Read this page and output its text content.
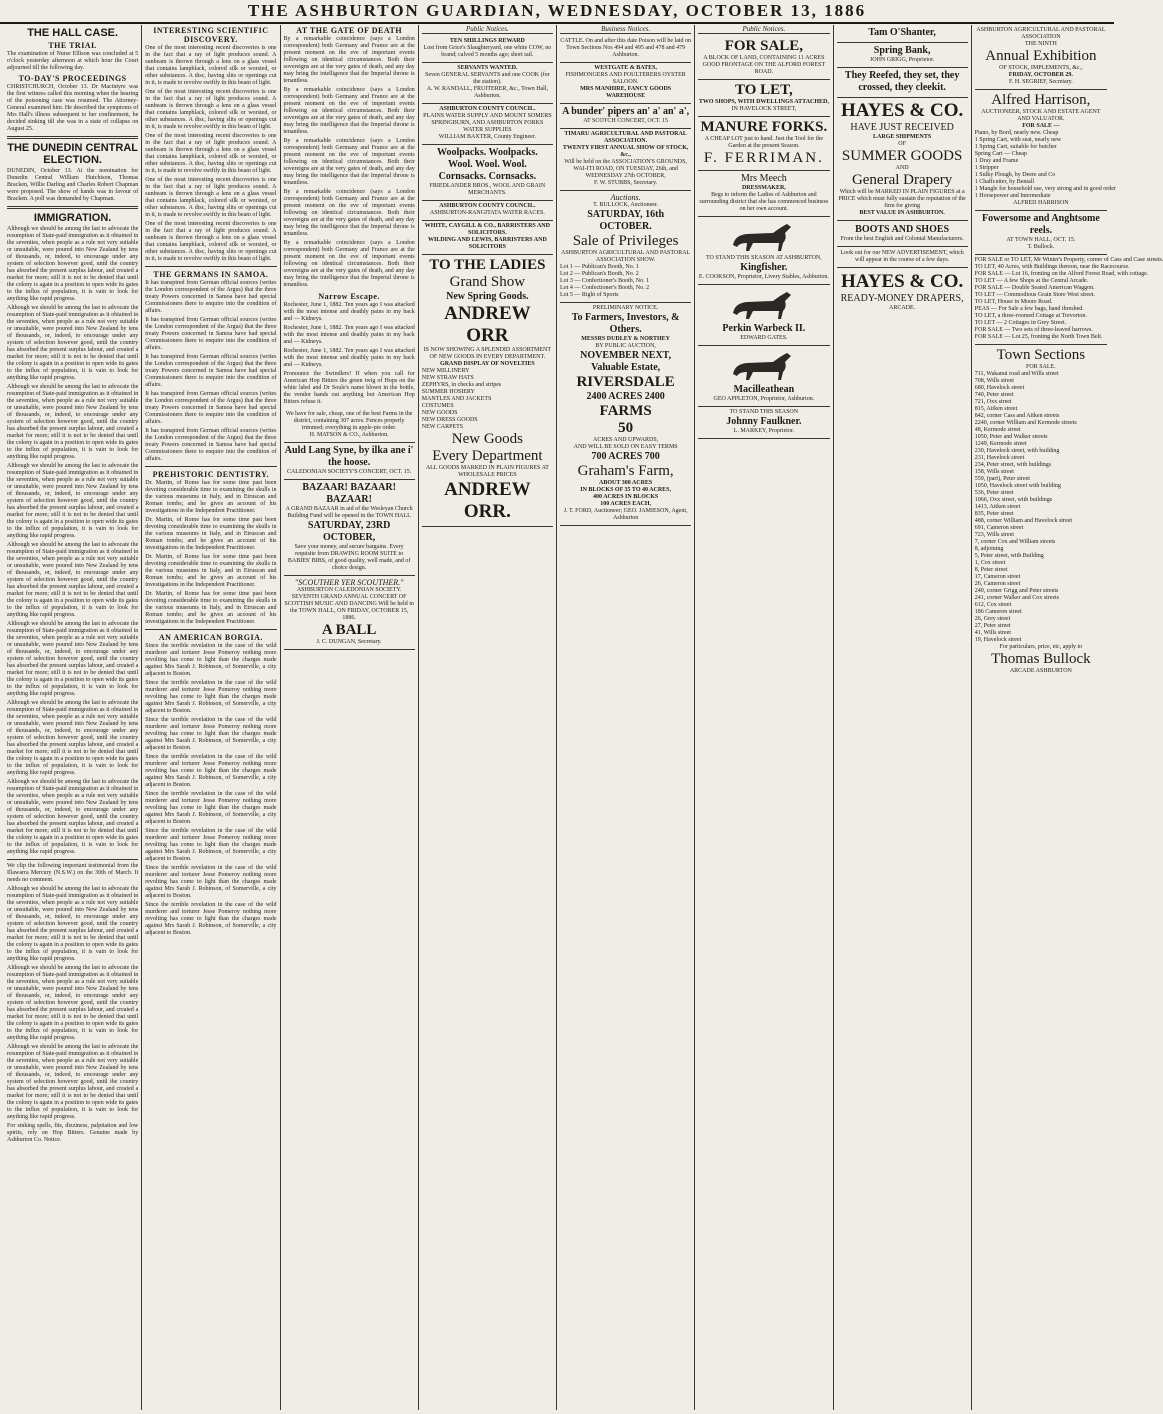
THE ASHBURTON GUARDIAN, WEDNESDAY, OCTOBER 13, 1886
THE HALL CASE.
THE TRIAL

The examination of Nurse Ellison was concluded at 5 o'clock yesterday afternoon at which hour the Court adjourned till the following day.

TO-DAY'S PROCEEDINGS

CHRISTCHURCH, October 13. Dr Macintyre was the first witness called this morning when the hearing of the poisoning case was resumed. The Attorney-General examined him. He described the symptoms of Mrs Hall's illness subsequent to her confinement, he decided sinking till she was in a state of collapse on August 25.

THE DUNEDIN CENTRAL ELECTION.

DUNEDIN, October 13. At the nomination for Dunedin Central William Hutchison, Thomas Bracken, Willie Darling and Charles Robert Chapman were proposed. The show of hands was in favour of Bracken. A poll was demanded by Chapman.

IMMIGRATION.

Although we should be among the last to advocate the resumption of State-paid immigration as it obtained in the seventies, when people as a rule not very suitable or unsuitable, were poured into New Zealand by tens of thousands, or, indeed, to encourage under any system of selection however good, until the country has absorbed the present surplus labour, and created a market for more; still it is not to be denied that until the colony is again in a position to open wide its gates to the influx of population, it is vain to look for anything like rapid progress.

Although we should be among the last to advocate the resumption of State-paid immigration as it obtained in the seventies, when people as a rule not very suitable or unsuitable, were poured into New Zealand by tens of thousands, or, indeed, to encourage under any system of selection however good, until the country has absorbed the present surplus labour, and created a market for more; still it is not to be denied that until the colony is again in a position to open wide its gates to the influx of population, it is vain to look for anything like rapid progress.

Although we should be among the last to advocate the resumption of State-paid immigration as it obtained in the seventies, when people as a rule not very suitable or unsuitable, were poured into New Zealand by tens of thousands, or, indeed, to encourage under any system of selection however good, until the country has absorbed the present surplus labour, and created a market for more; still it is not to be denied that until the colony is again in a position to open wide its gates to the influx of population, it is vain to look for anything like rapid progress.

Although we should be among the last to advocate the resumption of State-paid immigration as it obtained in the seventies, when people as a rule not very suitable or unsuitable, were poured into New Zealand by tens of thousands, or, indeed, to encourage under any system of selection however good, until the country has absorbed the present surplus labour, and created a market for more; still it is not to be denied that until the colony is again in a position to open wide its gates to the influx of population, it is vain to look for anything like rapid progress.

Although we should be among the last to advocate the resumption of State-paid immigration as it obtained in the seventies, when people as a rule not very suitable or unsuitable, were poured into New Zealand by tens of thousands, or, indeed, to encourage under any system of selection however good, until the country has absorbed the present surplus labour, and created a market for more; still it is not to be denied that until the colony is again in a position to open wide its gates to the influx of population, it is vain to look for anything like rapid progress.

Although we should be among the last to advocate the resumption of State-paid immigration as it obtained in the seventies, when people as a rule not very suitable or unsuitable, were poured into New Zealand by tens of thousands, or, indeed, to encourage under any system of selection however good, until the country has absorbed the present surplus labour, and created a market for more; still it is not to be denied that until the colony is again in a position to open wide its gates to the influx of population, it is vain to look for anything like rapid progress.

Although we should be among the last to advocate the resumption of State-paid immigration as it obtained in the seventies, when people as a rule not very suitable or unsuitable, were poured into New Zealand by tens of thousands, or, indeed, to encourage under any system of selection however good, until the country has absorbed the present surplus labour, and created a market for more; still it is not to be denied that until the colony is again in a position to open wide its gates to the influx of population, it is vain to look for anything like rapid progress.

Although we should be among the last to advocate the resumption of State-paid immigration as it obtained in the seventies, when people as a rule not very suitable or unsuitable, were poured into New Zealand by tens of thousands, or, indeed, to encourage under any system of selection however good, until the country has absorbed the present surplus labour, and created a market for more; still it is not to be denied that until the colony is again in a position to open wide its gates to the influx of population, it is vain to look for anything like rapid progress.

We clip the following important testimonial from the Illawarra Mercury (N.S.W.) on the 30th of March. It needs no comment.

Although we should be among the last to advocate the resumption of State-paid immigration as it obtained in the seventies, when people as a rule not very suitable or unsuitable, were poured into New Zealand by tens of thousands, or, indeed, to encourage under any system of selection however good, until the country has absorbed the present surplus labour, and created a market for more; still it is not to be denied that until the colony is again in a position to open wide its gates to the influx of population, it is vain to look for anything like rapid progress.

Although we should be among the last to advocate the resumption of State-paid immigration as it obtained in the seventies, when people as a rule not very suitable or unsuitable, were poured into New Zealand by tens of thousands, or, indeed, to encourage under any system of selection however good, until the country has absorbed the present surplus labour, and created a market for more; still it is not to be denied that until the colony is again in a position to open wide its gates to the influx of population, it is vain to look for anything like rapid progress.

Although we should be among the last to advocate the resumption of State-paid immigration as it obtained in the seventies, when people as a rule not very suitable or unsuitable, were poured into New Zealand by tens of thousands, or, indeed, to encourage under any system of selection however good, until the country has absorbed the present surplus labour, and created a market for more; still it is not to be denied that until the colony is again in a position to open wide its gates to the influx of population, it is vain to look for anything like rapid progress.

For sinking spells, fits, dizziness, palpitation and low spirits, rely on Hop Bitters. Genuine made by Ashburton Co. Notice.

INTERESTING SCIENTIFIC DISCOVERY.

One of the most interesting recent discoveries is one in the fact that a ray of light produces sound. A sunbeam is thrown through a lens on a glass vessel that contains lampblack, colored silk or worsted, or other substances. A disc, having slits or openings cut in it, is made to revolve swiftly in this beam of light.

One of the most interesting recent discoveries is one in the fact that a ray of light produces sound. A sunbeam is thrown through a lens on a glass vessel that contains lampblack, colored silk or worsted, or other substances. A disc, having slits or openings cut in it, is made to revolve swiftly in this beam of light.

One of the most interesting recent discoveries is one in the fact that a ray of light produces sound. A sunbeam is thrown through a lens on a glass vessel that contains lampblack, colored silk or worsted, or other substances. A disc, having slits or openings cut in it, is made to revolve swiftly in this beam of light.

One of the most interesting recent discoveries is one in the fact that a ray of light produces sound. A sunbeam is thrown through a lens on a glass vessel that contains lampblack, colored silk or worsted, or other substances. A disc, having slits or openings cut in it, is made to revolve swiftly in this beam of light.

One of the most interesting recent discoveries is one in the fact that a ray of light produces sound. A sunbeam is thrown through a lens on a glass vessel that contains lampblack, colored silk or worsted, or other substances. A disc, having slits or openings cut in it, is made to revolve swiftly in this beam of light.

THE GERMANS IN SAMOA.

It has transpired from German official sources (writes the London correspondent of the Argus) that the three treaty Powers concerned in Samoa have had special Commissioners there to enquire into the condition of affairs.

It has transpired from German official sources (writes the London correspondent of the Argus) that the three treaty Powers concerned in Samoa have had special Commissioners there to enquire into the condition of affairs.

It has transpired from German official sources (writes the London correspondent of the Argus) that the three treaty Powers concerned in Samoa have had special Commissioners there to enquire into the condition of affairs.

It has transpired from German official sources (writes the London correspondent of the Argus) that the three treaty Powers concerned in Samoa have had special Commissioners there to enquire into the condition of affairs.

It has transpired from German official sources (writes the London correspondent of the Argus) that the three treaty Powers concerned in Samoa have had special Commissioners there to enquire into the condition of affairs.

PREHISTORIC DENTISTRY.

Dr. Martin, of Rome has for some time past been devoting considerable time to examining the skulls in the various museums in Italy, and in Etruscan and Roman tombs; and he gives an account of his investigations in the Independent Practitioner.

Dr. Martin, of Rome has for some time past been devoting considerable time to examining the skulls in the various museums in Italy, and in Etruscan and Roman tombs; and he gives an account of his investigations in the Independent Practitioner.

Dr. Martin, of Rome has for some time past been devoting considerable time to examining the skulls in the various museums in Italy, and in Etruscan and Roman tombs; and he gives an account of his investigations in the Independent Practitioner.

Dr. Martin, of Rome has for some time past been devoting considerable time to examining the skulls in the various museums in Italy, and in Etruscan and Roman tombs; and he gives an account of his investigations in the Independent Practitioner.

AN AMERICAN BORGIA.

Since the terrible revelation in the case of the wild murderer and torturer Jesse Pomeroy nothing more revolting has come to light than the charges made against Mrs Sarah J. Robinson, of Somerville, a city adjacent to Boston.

Since the terrible revelation in the case of the wild murderer and torturer Jesse Pomeroy nothing more revolting has come to light than the charges made against Mrs Sarah J. Robinson, of Somerville, a city adjacent to Boston.

Since the terrible revelation in the case of the wild murderer and torturer Jesse Pomeroy nothing more revolting has come to light than the charges made against Mrs Sarah J. Robinson, of Somerville, a city adjacent to Boston.

Since the terrible revelation in the case of the wild murderer and torturer Jesse Pomeroy nothing more revolting has come to light than the charges made against Mrs Sarah J. Robinson, of Somerville, a city adjacent to Boston.

Since the terrible revelation in the case of the wild murderer and torturer Jesse Pomeroy nothing more revolting has come to light than the charges made against Mrs Sarah J. Robinson, of Somerville, a city adjacent to Boston.

Since the terrible revelation in the case of the wild murderer and torturer Jesse Pomeroy nothing more revolting has come to light than the charges made against Mrs Sarah J. Robinson, of Somerville, a city adjacent to Boston.

Since the terrible revelation in the case of the wild murderer and torturer Jesse Pomeroy nothing more revolting has come to light than the charges made against Mrs Sarah J. Robinson, of Somerville, a city adjacent to Boston.

Since the terrible revelation in the case of the wild murderer and torturer Jesse Pomeroy nothing more revolting has come to light than the charges made against Mrs Sarah J. Robinson, of Somerville, a city adjacent to Boston.

AT THE GATE OF DEATH

By a remarkable coincidence (says a London correspondent) both Germany and France are at the present moment on the eve of important events following on identical circumstances. Both their sovereigns are at the very gates of death, and any day may bring the intelligence that the Imperial throne is tenantless.

By a remarkable coincidence (says a London correspondent) both Germany and France are at the present moment on the eve of important events following on identical circumstances. Both their sovereigns are at the very gates of death, and any day may bring the intelligence that the Imperial throne is tenantless.

By a remarkable coincidence (says a London correspondent) both Germany and France are at the present moment on the eve of important events following on identical circumstances. Both their sovereigns are at the very gates of death, and any day may bring the intelligence that the Imperial throne is tenantless.

By a remarkable coincidence (says a London correspondent) both Germany and France are at the present moment on the eve of important events following on identical circumstances. Both their sovereigns are at the very gates of death, and any day may bring the intelligence that the Imperial throne is tenantless.

By a remarkable coincidence (says a London correspondent) both Germany and France are at the present moment on the eve of important events following on identical circumstances. Both their sovereigns are at the very gates of death, and any day may bring the intelligence that the Imperial throne is tenantless.

Narrow Escape.

Rochester, June 1, 1882. Ten years ago I was attacked with the most intense and deathly pains in my back and — Kidneys.

Rochester, June 1, 1882. Ten years ago I was attacked with the most intense and deathly pains in my back and — Kidneys.

Rochester, June 1, 1882. Ten years ago I was attacked with the most intense and deathly pains in my back and — Kidneys.

Pronounce the Swindlers! If when you call for American Hop Bitters the green twig of Hops on the white label and Dr Soule's name blown in the bottle, the vendor hands out anything but American Hop Bitters refuse it.

We have for sale, cheap, one of the best Farms in the district, containing 307 acres. Fences properly trimmed; everything in apple-pie order.
H. MATSON & CO., Ashburton.
Auld Lang Syne, by ilka ane i' the hoose.
CALEDONIAN SOCIETY'S CONCERT, OCT. 15.
BAZAAR! BAZAAR! BAZAAR!
A GRAND BAZAAR in aid of the Wesleyan Church Building Fund will be opened in the TOWN HALL
SATURDAY, 23RD OCTOBER,
Save your money, and secure bargains. Every requisite from DRAWING ROOM SUITE to BABIES' BIBS, of good quality, well made, and of choice design.
"SCOUTHER YER SCOUTHER."
ASHBURTON CALEDONIAN SOCIETY. SEVENTH GRAND ANNUAL CONCERT OF SCOTTISH MUSIC AND DANCING Will be held in the TOWN HALL, ON FRIDAY, OCTOBER 15, 1886.
A BALL
J. C. DUNGAN, Secretary.
Public Notices.
TEN SHILLINGS REWARD
Lost from Grice's Slaughteryard, one white COW, no brand; calved 5 months ago; short tail.
SERVANTS WANTED.
Seven GENERAL SERVANTS and one COOK (for the station).
A. W. RANDALL, FRUITERER, &c., Town Hall, Ashburton.
ASHBURTON COUNTY COUNCIL.
PLAINS WATER SUPPLY AND MOUNT SOMERS SPRINGBURN, AND ASHBURTON FORKS WATER SUPPLIES
WILLIAM BAXTER, County Engineer.
Woolpacks. Woolpacks.
Wool. Wool. Wool.
Cornsacks. Cornsacks.
FRIEDLANDER BROS., WOOL AND GRAIN MERCHANTS.
ASHBURTON COUNTY COUNCIL.
ASHBURTON-RANGITATA WATER RACES.
WHITE, CAYGILL & CO., BARRISTERS AND SOLICITORS.
WILDING AND LEWIS, BARRISTERS AND SOLICITORS
TO THE LADIES
Grand Show
New Spring Goods.
ANDREW ORR
IS NOW SHOWING A SPLENDID ASSORTMENT OF NEW GOODS IN EVERY DEPARTMENT.
GRAND DISPLAY OF NOVELTIES
NEW MILLINERY
NEW STRAW HATS
ZEPHYRS, in checks and stripes
SUMMER HOSIERY
MANTLES AND JACKETS
COSTUMES
NEW GOODS
NEW DRESS GOODS
NEW CARPETS
New Goods
Every Department
ALL GOODS MARKED IN PLAIN FIGURES AT WHOLESALE PRICES
ANDREW ORR.
Business Notices.
CATTLE. On and after this date Poison will be laid on Town Sections Nos 494 and 495 and 478 and 479 Ashburton.
WESTGATE & BATES,
FISHMONGERS AND POULTERERS OYSTER SALOON.
MRS MANHIRE, FANCY GOODS WAREHOUSE
A bunder' pipers an' a' an' a',
AT SCOTCH CONCERT, OCT. 15
TIMARU AGRICULTURAL AND PASTORAL ASSOCIATION.
TWENTY FIRST ANNUAL SHOW OF STOCK, &c.,
Will be held on the ASSOCIATION'S GROUNDS, WAI-ITI ROAD, ON TUESDAY, 26th, and WEDNESDAY 27th OCTOBER,
F. W. STUBBS, Secretary.
Auctions.
T. BULLOCK, Auctioneer.
SATURDAY, 16th OCTOBER.
Sale of Privileges
ASHBURTON AGRICULTURAL AND PASTORAL ASSOCIATION SHOW.
Lot 1 — Publican's Booth, No. 1
Lot 2 — Publican's Booth, No. 2
Lot 3 — Confectioner's Booth, No. 1
Lot 4 — Confectioner's Booth, No. 2
Lot 5 — Right of Sports
PRELIMINARY NOTICE.
To Farmers, Investors, & Others.
MESSRS DUDLEY & NORTHEY
BY PUBLIC AUCTION,
NOVEMBER NEXT,
Valuable Estate,
RIVERSDALE
2400 ACRES 2400
FARMS
50
ACRES AND UPWARDS,
AND WILL BE SOLD ON EASY TERMS
700 ACRES 700
Graham's Farm,
ABOUT 300 ACRES
IN BLOCKS OF 35 TO 40 ACRES,
400 ACRES IN BLOCKS
100 ACRES EACH,
J. T. FORD, Auctioneer; GEO. JAMIESON, Agent, Ashburton
Public Notices.
FOR SALE,
A BLOCK OF LAND, CONTAINING 11 ACRES
GOOD FRONTAGE ON THE ALFORD FOREST ROAD.
TO LET,
TWO SHOPS, WITH DWELLINGS ATTACHED,
IN HAVELOCK STREET,
MANURE FORKS.
A CHEAP LOT just to hand. Just the Tool for the Garden at the present Season.
F. FERRIMAN.
Mrs Meech
DRESSMAKER,
Begs to inform the Ladies of Ashburton and surrounding district that she has commenced business on her own account.
TO STAND THIS SEASON AT ASHBURTON,
Kingfisher.
E. COOKSON, Proprietor, Livery Stables, Ashburton.
Perkin Warbeck II.
EDWARD GATES.
Macilleathean
GEO APPLETON, Proprietor, Ashburton.
TO STAND THIS SEASON
Johnny Faulkner.
L. MARKEY, Proprietor.
Tam O'Shanter,
Spring Bank,
JOHN GRIGG, Proprietor.
They Reefed, they set, they crossed, they cleekit.
HAYES & CO.
HAVE JUST RECEIVED
LARGE SHIPMENTS
OF
SUMMER GOODS
AND
General Drapery
Which will be MARKED IN PLAIN FIGURES at a PRICE which must fully sustain the reputation of the firm for giving
BEST VALUE IN ASHBURTON.
BOOTS AND SHOES
From the best English and Colonial Manufacturers.
Look out for our NEW ADVERTISEMENT, which will appear in the course of a few days.
HAYES & CO.
READY-MONEY DRAPERS,
ARCADE.
ASHBURTON AGRICULTURAL AND PASTORAL ASSOCIATION
THE NINTH
Annual Exhibition
OF STOCK, IMPLEMENTS, &c.,
FRIDAY, OCTOBER 29.
F. H. SEGRIEF, Secretary.
Alfred Harrison,
AUCTIONEER, STOCK AND ESTATE AGENT AND VALUATOR.
FOR SALE —
Piano, by Bord, nearly new. Cheap
1 Spring Cart, with seat, nearly new
1 Spring Cart, suitable for butcher
Spring Cart — Cheap
1 Dray and Frame
1 Stripper
1 Sulky Plough, by Deere and Co
1 Chaffcutter, by Bentall
1 Mangle for household use, very strong and in good order
1 Horsepower and Intermediate
ALFRED HARRISON
Fowersome and Anghtsome reels.
AT TOWN HALL, OCT. 15.
T. Bullock.
FOR SALE or TO LET, Mr Winter's Property, corner of Cass and Case streets.
TO LET, 40 Acres, with Buildings thereon, near the Racecourse.
FOR SALE — Lot 16, fronting on the Alford Forest Road, with cottage.
TO LET — A few Shops at the Central Arcade.
FOR SALE — Double Seated American Waggon.
TO LET — Commodious Grain Store West street.
TO LET, House in Moore Road.
PEAS — For Sale a few bags, hand threshed.
TO LET, a three-roomed Cottage at Trevorton.
TO LET — 2 Cottages in Grey Street.
FOR SALE — Two sets of three-leaved harrows.
FOR SALE — Lot 25, fronting the North Town Belt.
Town Sections
FOR SALE.
711, Wakanui road and Wills street
708, Wills street
680, Havelock street
740, Peter street
721, Oxx street
815, Aitken street
842, corner Cass and Aitken streets
2240, corner William and Kermode streets
48, Kermode street
1050, Peter and Walker streets
1249, Kermode street
230, Havelock street, with building
231, Havelock street
234, Peter street, with buildings
158, Wills street
559, (part), Peter street
1050, Havelock street with building
536, Peter street
1066, Oxx street, with buildings
1413, Aitken street
835, Peter street
488, corner William and Havelock street
691, Cameron street
723, Wills street
7, corner Cox and William streets
8, adjoining
5, Peter street, with Building
1, Cox street
8, Peter street
17, Cameron street
26, Cameron street
240, corner Grigg and Peter streets
241, corner Walker and Cox streets
612, Cox street
186 Cameron street
26, Grey street
27, Peter street
41, Wills street
19, Havelock street
For particulars, price, etc, apply to
Thomas Bullock
ARCADE ASHBURTON
